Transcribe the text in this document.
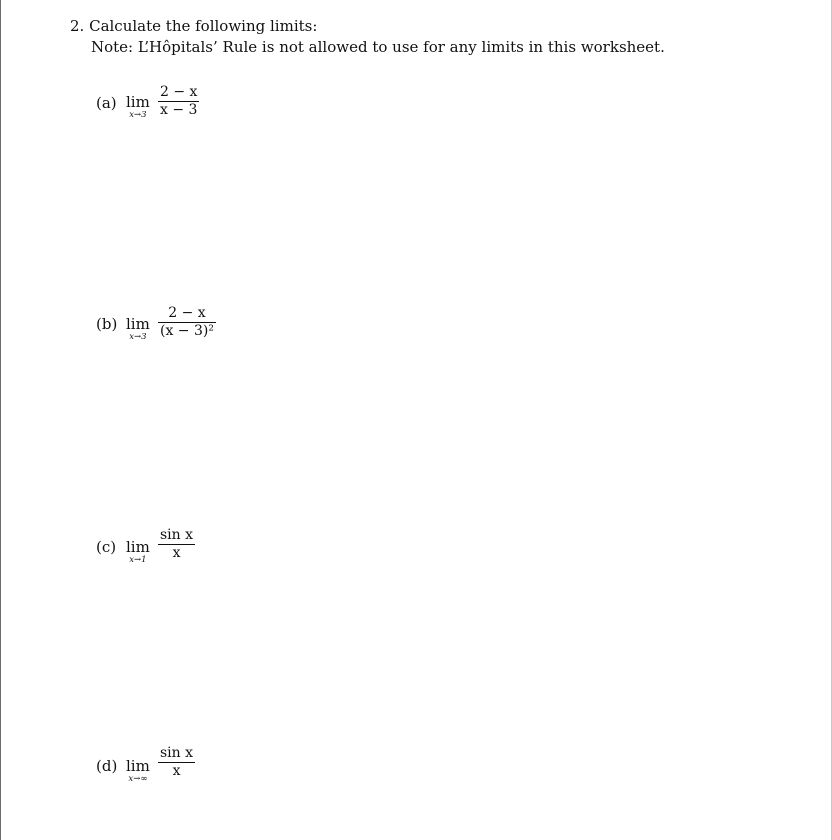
2. Calculate the following limits:
Note: L’Hôpitals’ Rule is not allowed to use for any limits in this worksheet.
(a) lim
x→3
2 − x
x − 3
(b) lim
x→3
2 − x
(x − 3)²
(c) lim
x→1
sin x
x
(d) lim
x→∞
sin x
x
